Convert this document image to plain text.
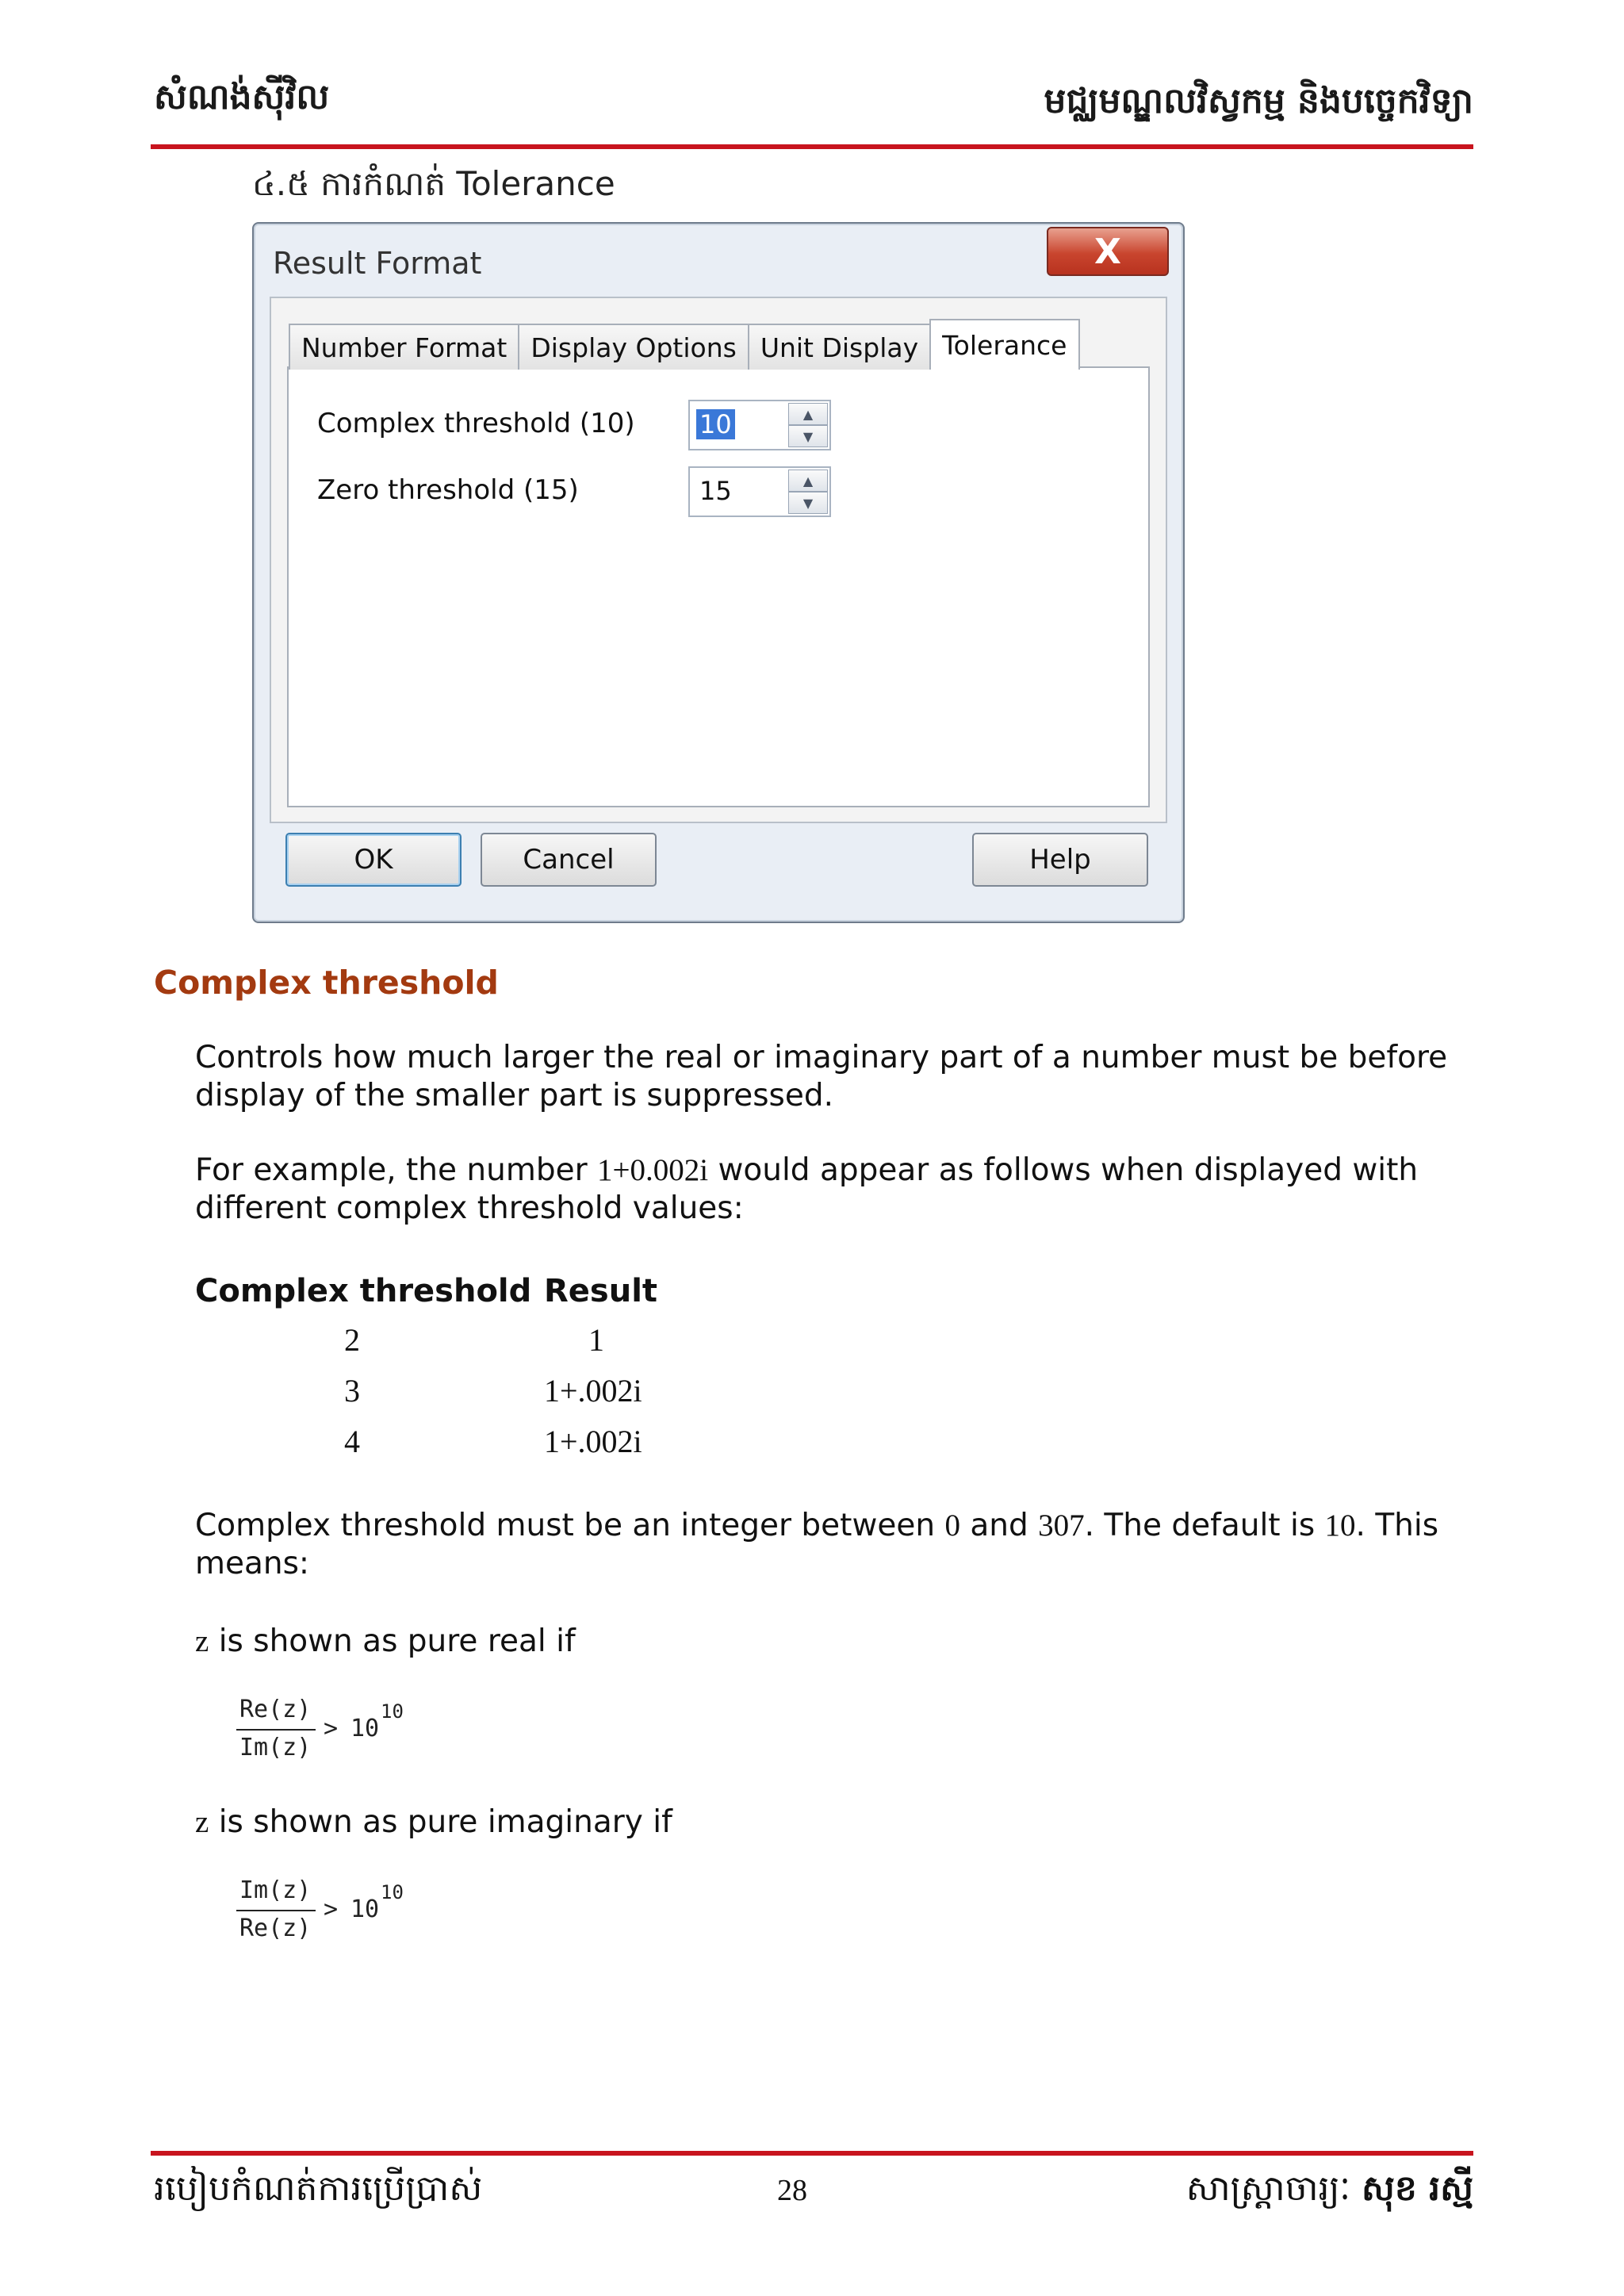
សំណង់ស៊ីវិល	មជ្ឈមណ្ឌលវិស្វកម្ម និងបច្ចេកវិទ្យា
៤.៥ ការកំណត់ Tolerance
Result Format	X
Number Format Display Options Unit Display Tolerance
Complex threshold (10)	10	▲
▼
Zero threshold (15)	15	▲
▼
OK	Cancel	Help
Complex threshold
Controls how much larger the real or imaginary part of a number must be before display of the smaller part is suppressed.
For example, the number 1+0.002i would appear as follows when displayed with different complex threshold values:
Complex threshold Result
2	1
3	1+.002i
4	1+.002i
Complex threshold must be an integer between 0 and 307. The default is 10. This means:
z is shown as pure real if
Re(z)
Im(z)
> 10
10
z is shown as pure imaginary if
Im(z)
Re(z)
> 10
10
របៀបកំណត់ការប្រើប្រាស់	28	សាស្ត្រាចារ្យៈ សុខ រស្មី
